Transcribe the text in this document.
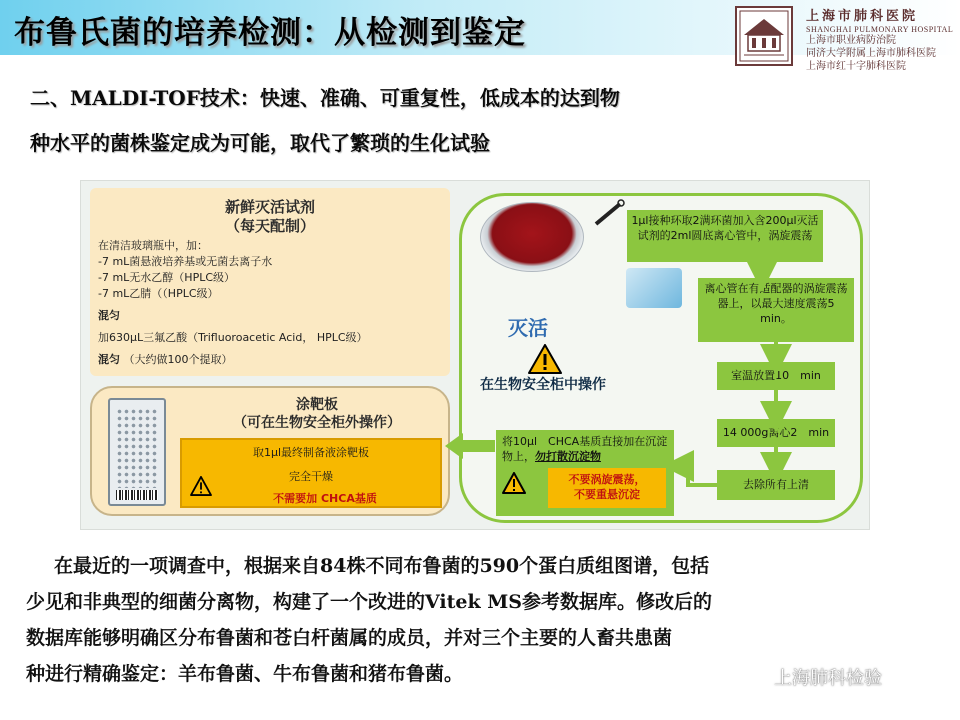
布鲁氏菌的培养检测：从检测到鉴定	上海市肺科医院
SHANGHAI PULMONARY HOSPITAL
上海市职业病防治院
同济大学附属上海市肺科医院
上海市红十字肺科医院
二、MALDI-TOF技术：快速、准确、可重复性，低成本的达到物
种水平的菌株鉴定成为可能，取代了繁琐的生化试验
新鲜灭活试剂
（每天配制）
在清洁玻璃瓶中，加：
-7 mL菌悬液培养基或无菌去离子水
-7 mL无水乙醇（HPLC级）
-7 mL乙腈（（HPLC级）
混匀
加630μL三氟乙酸（Trifluoroacetic Acid， HPLC级）
混匀 （大约做100个提取）
涂靶板
（可在生物安全柜外操作）
取1μl最终制备液涂靶板
完全干燥
不需要加 CHCA基质
灭活
在生物安全柜中操作
1μl接种环取2满环菌加入含200μl灭活试剂的2ml圆底离心管中，涡旋震荡
离心管在有适配器的涡旋震荡器上，以最大速度震荡5　min。
室温放置10　min
14 000g离心2　min
去除所有上清
将10μl　CHCA基质直接加在沉淀物上，勿打散沉淀物
不要涡旋震荡，
不要重悬沉淀
在最近的一项调查中，根据来自84株不同布鲁菌的590个蛋白质组图谱，包括
少见和非典型的细菌分离物，构建了一个改进的Vitek MS参考数据库。修改后的
数据库能够明确区分布鲁菌和苍白杆菌属的成员，并对三个主要的人畜共患菌
种进行精确鉴定：羊布鲁菌、牛布鲁菌和猪布鲁菌。	上海肺科检验
